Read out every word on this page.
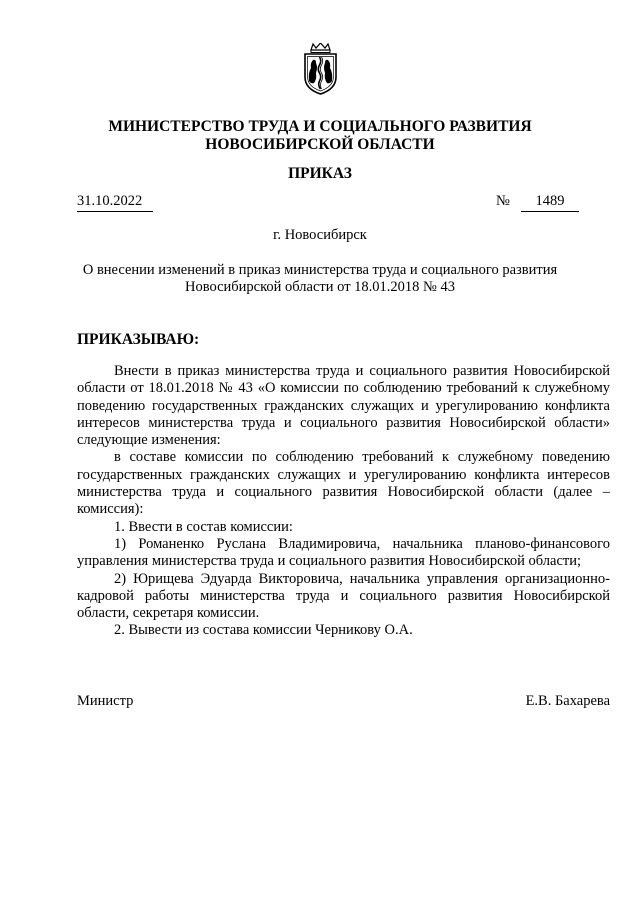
МИНИСТЕРСТВО ТРУДА И СОЦИАЛЬНОГО РАЗВИТИЯ
НОВОСИБИРСКОЙ ОБЛАСТИ
ПРИКАЗ
31.10.2022	№	1489
г. Новосибирск
О внесении изменений в приказ министерства труда и социального развития
Новосибирской области от 18.01.2018 № 43
ПРИКАЗЫВАЮ:

Внести в приказ министерства труда и социального развития Новосибирской области от 18.01.2018 № 43 «О комиссии по соблюдению требований к служебному поведению государственных гражданских служащих и урегулированию конфликта интересов министерства труда и социального развития Новосибирской области» следующие изменения:

в составе комиссии по соблюдению требований к служебному поведению государственных гражданских служащих и урегулированию конфликта интересов министерства труда и социального развития Новосибирской области (далее – комиссия):

1. Ввести в состав комиссии:

1) Романенко Руслана Владимировича, начальника планово-финансового управления министерства труда и социального развития Новосибирской области;

2) Юрищева Эдуарда Викторовича, начальника управления организационно-кадровой работы министерства труда и социального развития Новосибирской области, секретаря комиссии.

2. Вывести из состава комиссии Черникову О.А.

Министр	Е.В. Бахарева
